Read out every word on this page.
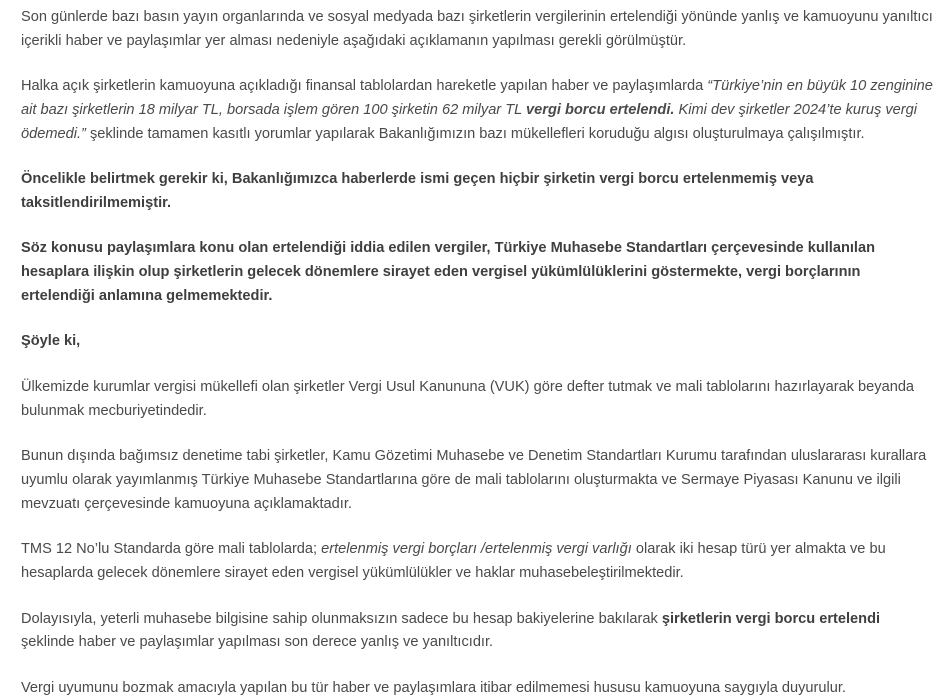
Son günlerde bazı basın yayın organlarında ve sosyal medyada bazı şirketlerin vergilerinin ertelendiği yönünde yanlış ve kamuoyunu yanıltıcı içerikli haber ve paylaşımlar yer alması nedeniyle aşağıdaki açıklamanın yapılması gerekli görülmüştür.

Halka açık şirketlerin kamuoyuna açıkladığı finansal tablolardan hareketle yapılan haber ve paylaşımlarda “Türkiye’nin en büyük 10 zenginine ait bazı şirketlerin 18 milyar TL, borsada işlem gören 100 şirketin 62 milyar TL vergi borcu ertelendi. Kimi dev şirketler 2024’te kuruş vergi ödemedi.” şeklinde tamamen kasıtlı yorumlar yapılarak Bakanlığımızın bazı mükellefleri koruduğu algısı oluşturulmaya çalışılmıştır.

Öncelikle belirtmek gerekir ki, Bakanlığımızca haberlerde ismi geçen hiçbir şirketin vergi borcu ertelenmemiş veya taksitlendirilmemiştir.

Söz konusu paylaşımlara konu olan ertelendiği iddia edilen vergiler, Türkiye Muhasebe Standartları çerçevesinde kullanılan hesaplara ilişkin olup şirketlerin gelecek dönemlere sirayet eden vergisel yükümlülüklerini göstermekte, vergi borçlarının ertelendiği anlamına gelmemektedir.

Şöyle ki,

Ülkemizde kurumlar vergisi mükellefi olan şirketler Vergi Usul Kanununa (VUK) göre defter tutmak ve mali tablolarını hazırlayarak beyanda bulunmak mecburiyetindedir.

Bunun dışında bağımsız denetime tabi şirketler, Kamu Gözetimi Muhasebe ve Denetim Standartları Kurumu tarafından uluslararası kurallara uyumlu olarak yayımlanmış Türkiye Muhasebe Standartlarına göre de mali tablolarını oluşturmakta ve Sermaye Piyasası Kanunu ve ilgili mevzuatı çerçevesinde kamuoyuna açıklamaktadır.

TMS 12 No’lu Standarda göre mali tablolarda; ertelenmiş vergi borçları /ertelenmiş vergi varlığı olarak iki hesap türü yer almakta ve bu hesaplarda gelecek dönemlere sirayet eden vergisel yükümlülükler ve haklar muhasebeleştirilmektedir.

Dolayısıyla, yeterli muhasebe bilgisine sahip olunmaksızın sadece bu hesap bakiyelerine bakılarak şirketlerin vergi borcu ertelendi şeklinde haber ve paylaşımlar yapılması son derece yanlış ve yanıltıcıdır.

Vergi uyumunu bozmak amacıyla yapılan bu tür haber ve paylaşımlara itibar edilmemesi hususu kamuoyuna saygıyla duyurulur.
